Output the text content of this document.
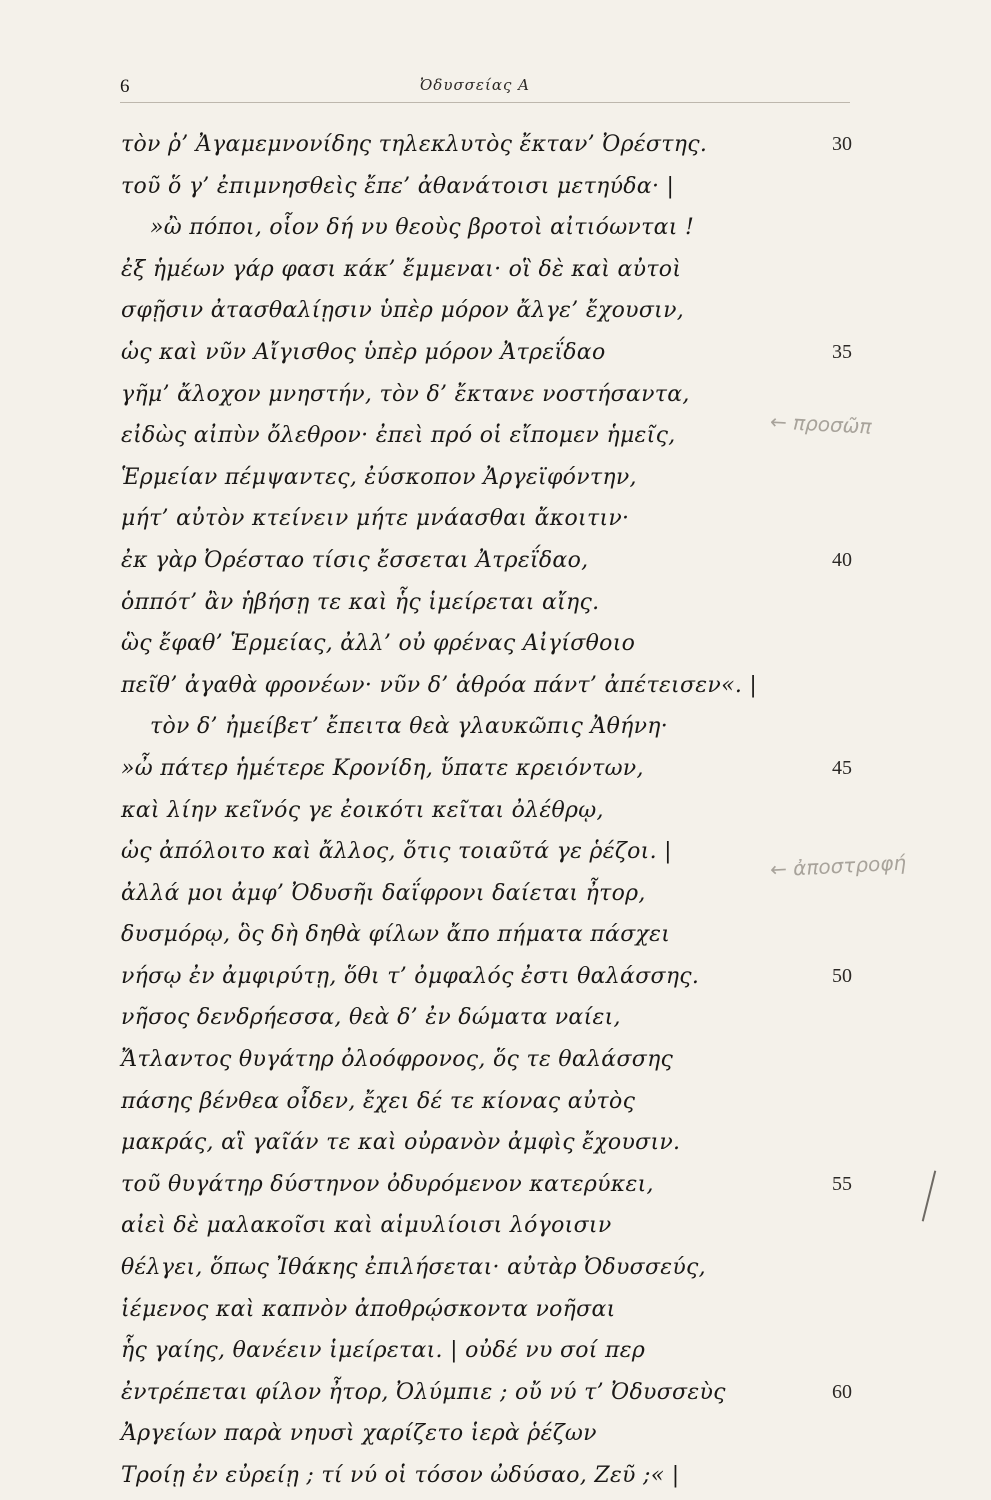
6	Ὀδυσσείας Α
τὸν ῥ’ Ἀγαμεμνονίδης τηλεκλυτὸς ἔκταν’ Ὀρέστης.	30
τοῦ ὅ γ’ ἐπιμνησθεὶς ἔπε’ ἀθανάτοισι μετηύδα· |
»ὢ πόποι, οἷον δή νυ θεοὺς βροτοὶ αἰτιόωνται !
ἐξ ἡμέων γάρ φασι κάκ’ ἔμμεναι· οἳ δὲ καὶ αὐτοὶ
σφῇσιν ἀτασθαλίῃσιν ὑπὲρ μόρον ἄλγε’ ἔχουσιν,
ὡς καὶ νῦν Αἴγισθος ὑπὲρ μόρον Ἀτρεΐδαο	35
γῆμ’ ἄλοχον μνηστήν, τὸν δ’ ἔκτανε νοστήσαντα,
εἰδὼς αἰπὺν ὄλεθρον· ἐπεὶ πρό οἱ εἴπομεν ἡμεῖς,
Ἑρμείαν πέμψαντες, ἐύσκοπον Ἀργεϊφόντην,
μήτ’ αὐτὸν κτείνειν μήτε μνάασθαι ἄκοιτιν·
ἐκ γὰρ Ὀρέσταο τίσις ἔσσεται Ἀτρεΐδαο,	40
ὁππότ’ ἂν ἡβήσῃ τε καὶ ἧς ἱμείρεται αἴης.
ὣς ἔφαθ’ Ἑρμείας, ἀλλ’ οὐ φρένας Αἰγίσθοιο
πεῖθ’ ἀγαθὰ φρονέων· νῦν δ’ ἁθρόα πάντ’ ἀπέτεισεν«. |
τὸν δ’ ἠμείβετ’ ἔπειτα θεὰ γλαυκῶπις Ἀθήνη·
»ὦ πάτερ ἡμέτερε Κρονίδη, ὕπατε κρειόντων,	45
καὶ λίην κεῖνός γε ἐοικότι κεῖται ὀλέθρῳ,
ὡς ἀπόλοιτο καὶ ἄλλος, ὅτις τοιαῦτά γε ῥέζοι. |
ἀλλά μοι ἀμφ’ Ὀδυσῆι δαΐφρονι δαίεται ἦτορ,
δυσμόρῳ, ὃς δὴ δηθὰ φίλων ἄπο πήματα πάσχει
νήσῳ ἐν ἀμφιρύτῃ, ὅθι τ’ ὀμφαλός ἐστι θαλάσσης.	50
νῆσος δενδρήεσσα, θεὰ δ’ ἐν δώματα ναίει,
Ἄτλαντος θυγάτηρ ὀλοόφρονος, ὅς τε θαλάσσης
πάσης βένθεα οἶδεν, ἔχει δέ τε κίονας αὐτὸς
μακράς, αἳ γαῖάν τε καὶ οὐρανὸν ἀμφὶς ἔχουσιν.
τοῦ θυγάτηρ δύστηνον ὀδυρόμενον κατερύκει,	55
αἰεὶ δὲ μαλακοῖσι καὶ αἱμυλίοισι λόγοισιν
θέλγει, ὅπως Ἰθάκης ἐπιλήσεται· αὐτὰρ Ὀδυσσεύς,
ἱέμενος καὶ καπνὸν ἀποθρῴσκοντα νοῆσαι
ἧς γαίης, θανέειν ἱμείρεται. | οὐδέ νυ σοί περ
ἐντρέπεται φίλον ἦτορ, Ὀλύμπιε ; οὔ νύ τ’ Ὀδυσσεὺς	60
Ἀργείων παρὰ νηυσὶ χαρίζετο ἱερὰ ῥέζων
Τροίῃ ἐν εὐρείῃ ; τί νύ οἱ τόσον ὠδύσαο, Ζεῦ ;« |
← προσῶπ
← ἀποστροφή
